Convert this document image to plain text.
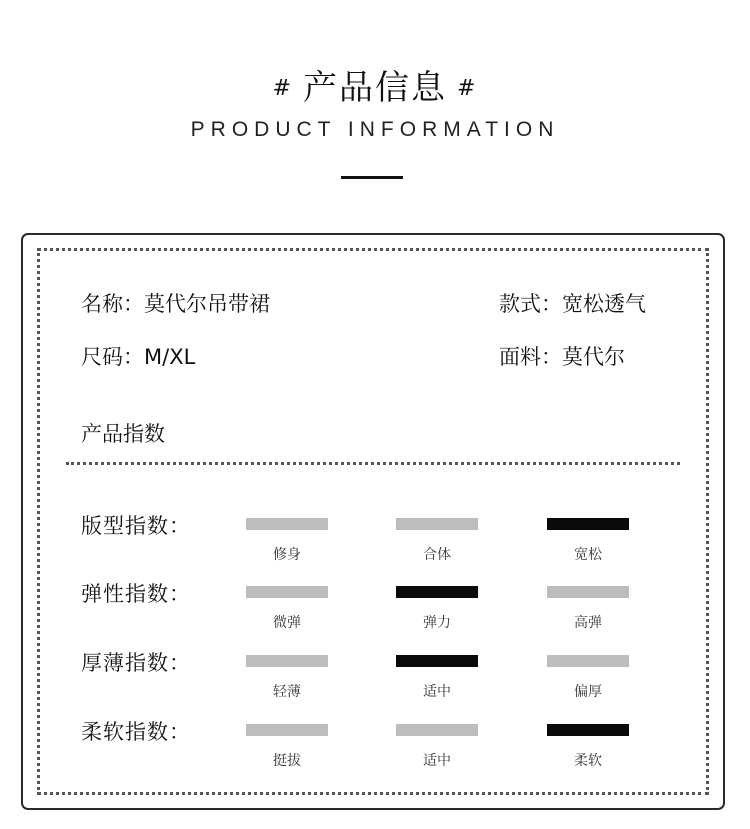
# 产品信息 #
PRODUCT INFORMATION
名称：莫代尔吊带裙	款式：宽松透气
尺码：M/XL	面料：莫代尔
产品指数
版型指数：
修身	合体	宽松
弹性指数：
微弹	弹力	高弹
厚薄指数：
轻薄	适中	偏厚
柔软指数：
挺拔	适中	柔软
